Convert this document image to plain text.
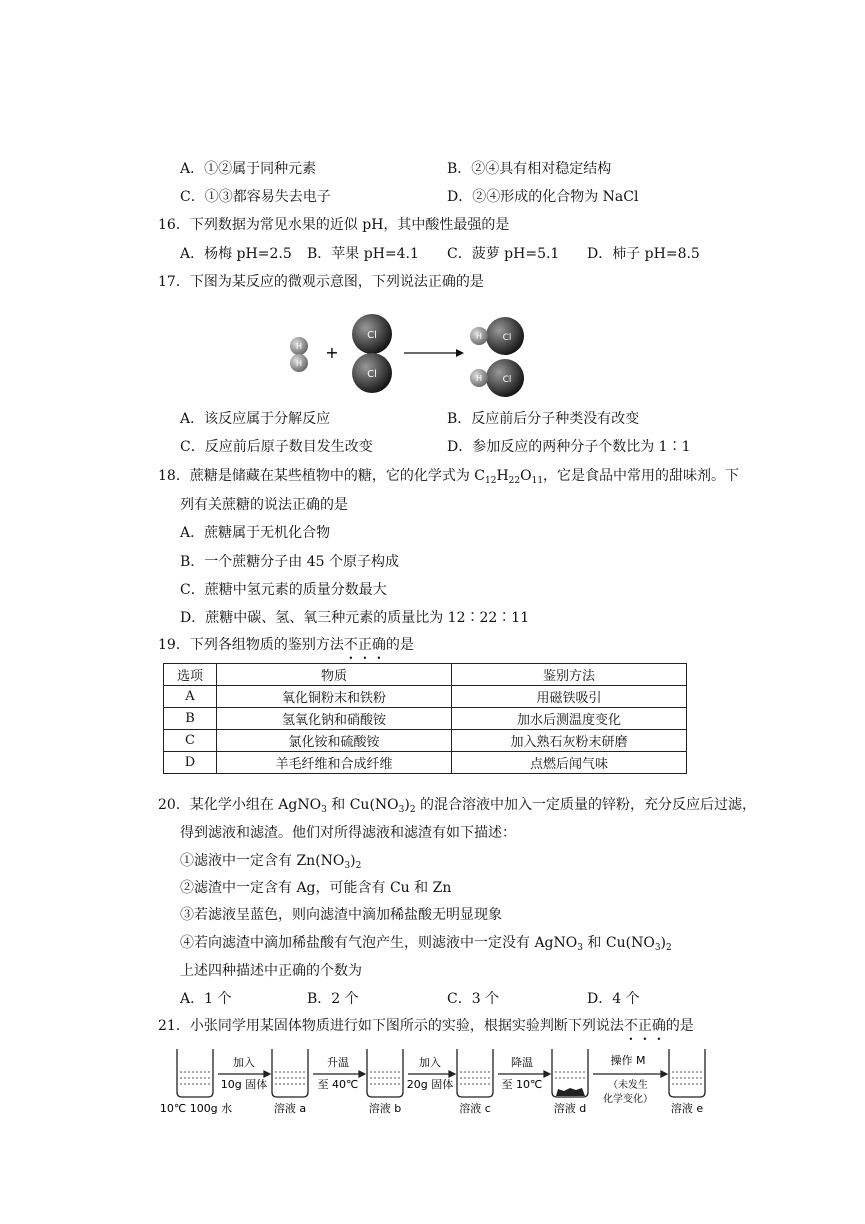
A．①②属于同种元素	B．②④具有相对稳定结构
C．①③都容易失去电子	D．②④形成的化合物为 NaCl
16．下列数据为常见水果的近似 pH，其中酸性最强的是
A．杨梅 pH=2.5 B．苹果 pH=4.1 C．菠萝 pH=5.1 D．柿子 pH=8.5
17．下图为某反应的微观示意图，下列说法正确的是
H
H
+
Cl
Cl
H Cl
H Cl
A．该反应属于分解反应	B．反应前后分子种类没有改变
C．反应前后原子数目发生改变	D．参加反应的两种分子个数比为 1∶1
18．蔗糖是储藏在某些植物中的糖，它的化学式为 $C_{12}H_{22}O_{11}$，它是食品中常用的甜味剂。下
列有关蔗糖的说法正确的是
A．蔗糖属于无机化合物
B．一个蔗糖分子由 45 个原子构成
C．蔗糖中氢元素的质量分数最大
D．蔗糖中碳、氢、氧三种元素的质量比为 12∶22∶11
19．下列各组物质的鉴别方法不正确的是
选项	物质	鉴别方法
A	氧化铜粉末和铁粉	用磁铁吸引
B	氢氧化钠和硝酸铵	加水后测温度变化
C	氯化铵和硫酸铵	加入熟石灰粉末研磨
D	羊毛纤维和合成纤维	点燃后闻气味
20．某化学小组在 AgNO$_3$ 和 $Cu(NO_3)_2$ 的混合溶液中加入一定质量的锌粉，充分反应后过滤，
得到滤液和滤渣。他们对所得滤液和滤渣有如下描述：
①滤液中一定含有 $Zn(NO_3)_2$
②滤渣中一定含有 Ag，可能含有 Cu 和 Zn
③若滤液呈蓝色，则向滤渣中滴加稀盐酸无明显现象
④若向滤渣中滴加稀盐酸有气泡产生，则滤液中一定没有 AgNO$_3$ 和 $Cu(NO_3)_2$
上述四种描述中正确的个数为
A．1 个	B．2 个	C．3 个	D．4 个
21．小张同学用某固体物质进行如下图所示的实验，根据实验判断下列说法不正确的是
加入
10g 固体
升温
至 40℃
加入
20g 固体
降温
至 10℃
操作 M
（未发生
化学变化）
10℃ 100g 水	溶液 a	溶液 b	溶液 c	溶液 d	溶液 e
